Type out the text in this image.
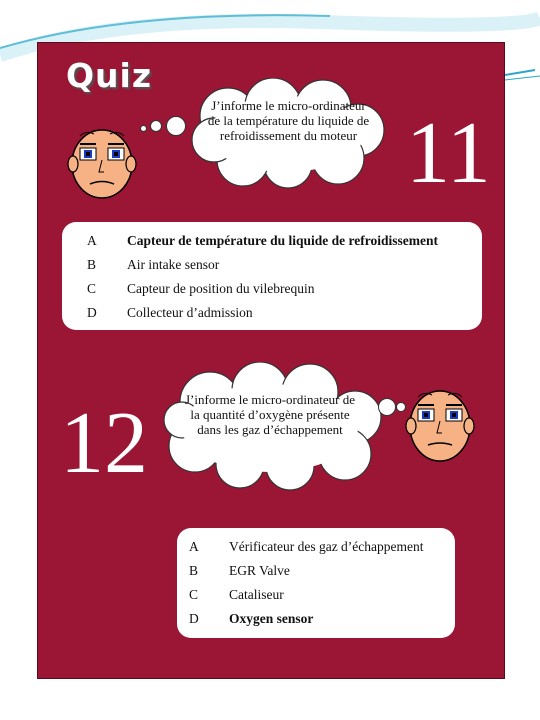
Quiz
J’informe le micro-ordinateur de la température du liquide de refroidissement du moteur 11
A Capteur de température du liquide de refroidissement
B Air intake sensor
C Capteur de position du vilebrequin
D Collecteur d’admission
12	J’informe le micro-ordinateur de la quantité d’oxygène présente dans les gaz d’échappement
A Vérificateur des gaz d’échappement
B EGR Valve
C Cataliseur
D Oxygen sensor
